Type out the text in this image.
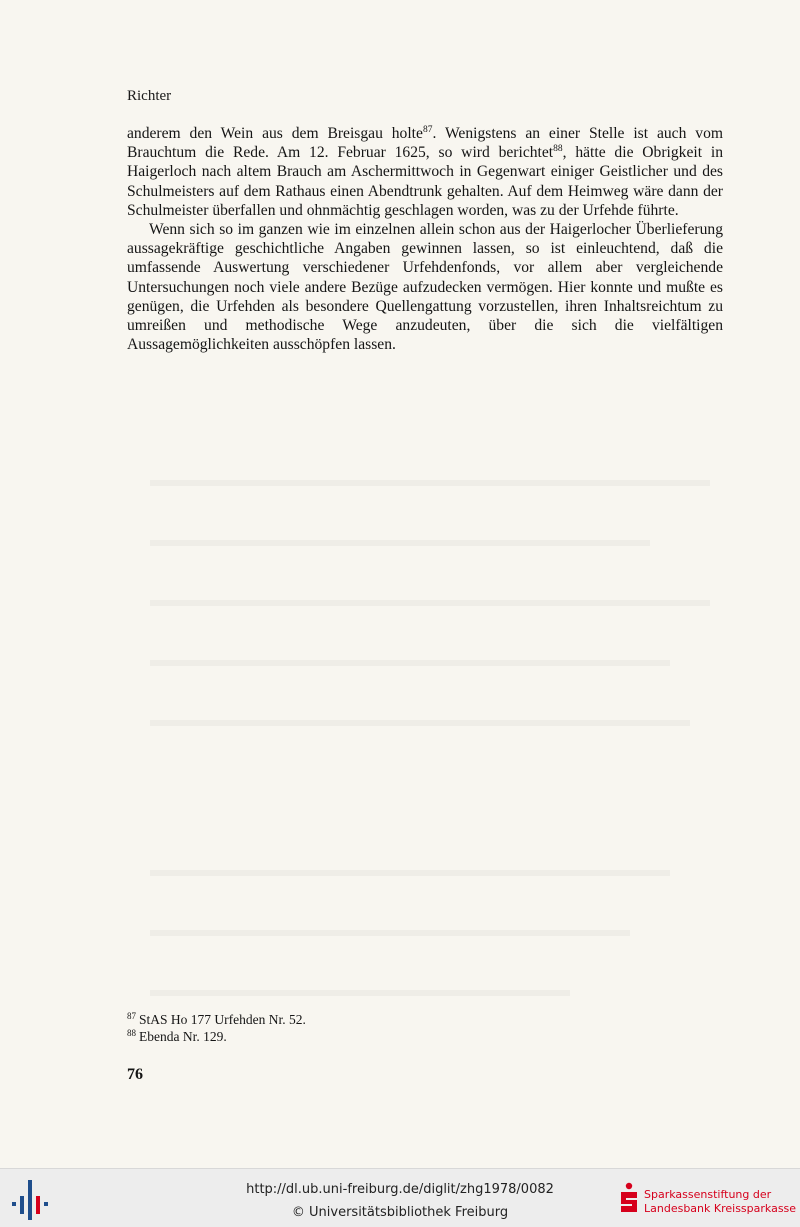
Richter

anderem den Wein aus dem Breisgau holte$^{87}$. Wenigstens an einer Stelle ist auch vom Brauchtum die Rede. Am 12. Februar 1625, so wird berichtet$^{88}$, hätte die Obrigkeit in Haigerloch nach altem Brauch am Aschermittwoch in Gegenwart einiger Geistlicher und des Schulmeisters auf dem Rathaus einen Abendtrunk gehalten. Auf dem Heimweg wäre dann der Schulmeister überfallen und ohnmächtig geschlagen worden, was zu der Urfehde führte.

Wenn sich so im ganzen wie im einzelnen allein schon aus der Haigerlocher Überlieferung aussagekräftige geschichtliche Angaben gewinnen lassen, so ist einleuchtend, daß die umfassende Auswertung verschiedener Urfehdenfonds, vor allem aber vergleichende Untersuchungen noch viele andere Bezüge aufzudecken vermögen. Hier konnte und mußte es genügen, die Urfehden als besondere Quellengattung vorzustellen, ihren Inhaltsreichtum zu umreißen und methodische Wege anzudeuten, über die sich die vielfältigen Aussagemöglichkeiten ausschöpfen lassen.

$^{87}$ StAS Ho 177 Urfehden Nr. 52.
$^{88}$ Ebenda Nr. 129.
76
http://dl.ub.uni-freiburg.de/diglit/zhg1978/0082
© Universitätsbibliothek Freiburg
Sparkassenstiftung der
Landesbank Kreissparkasse
